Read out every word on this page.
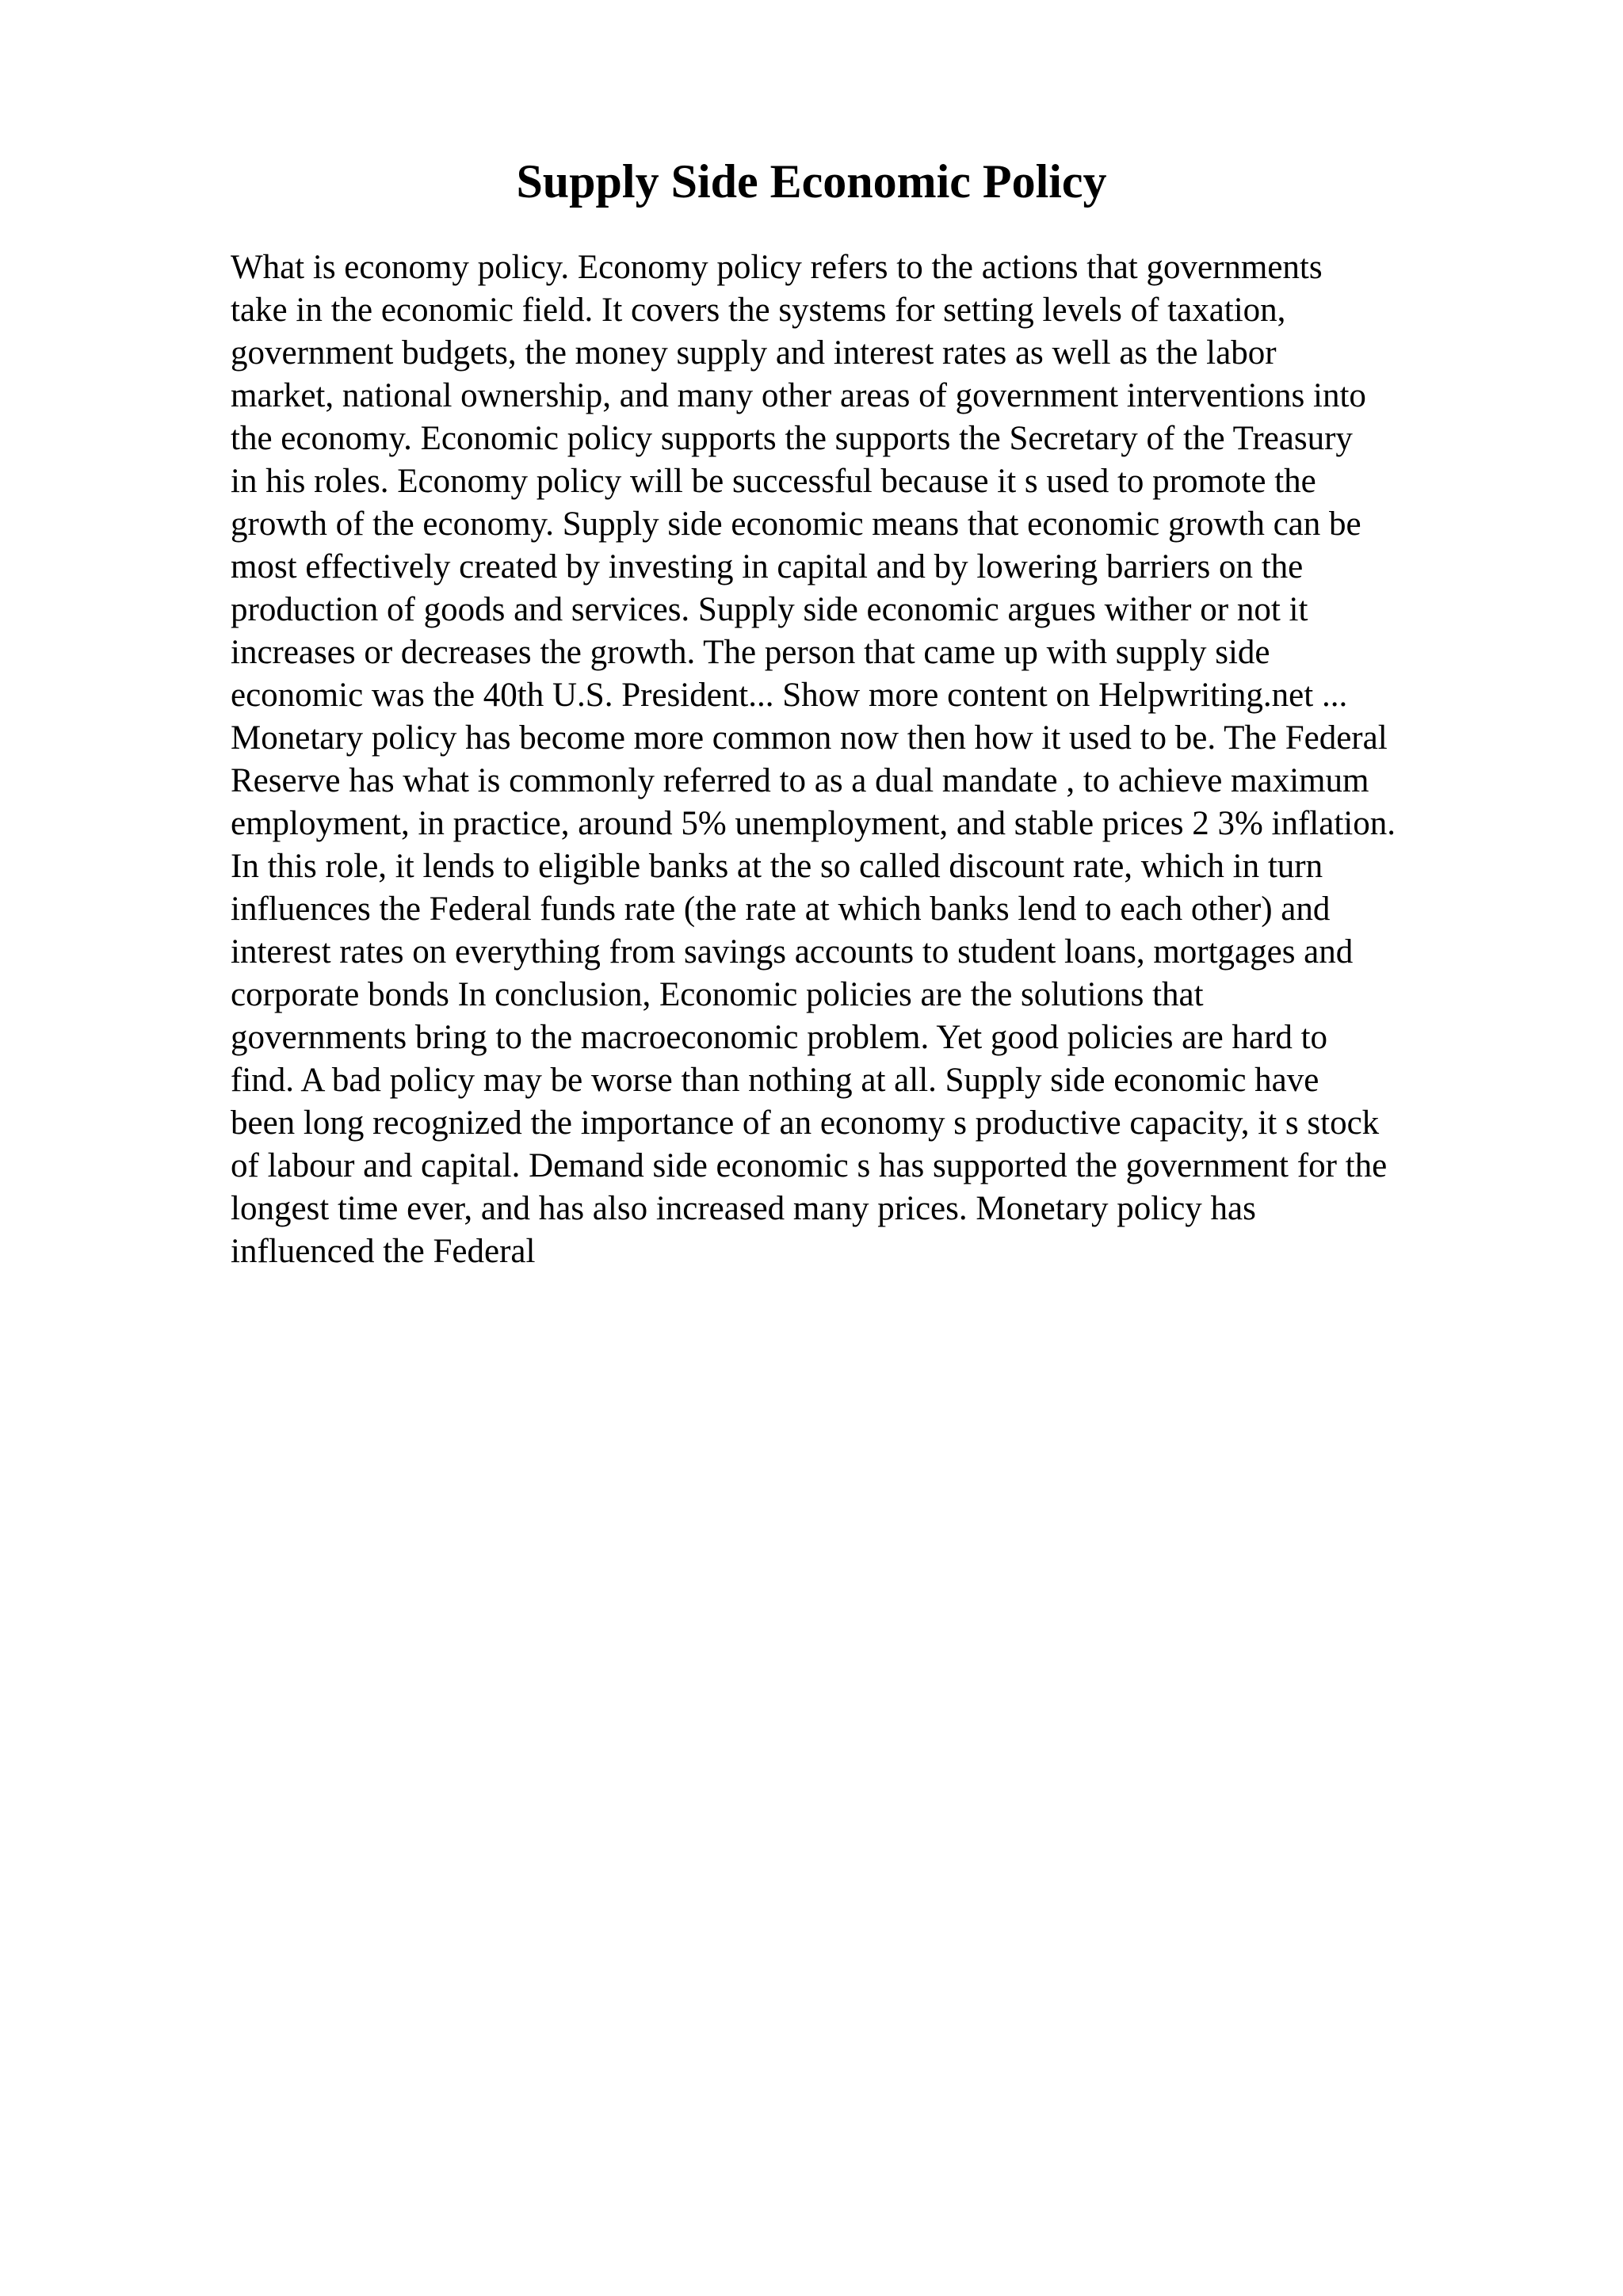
Supply Side Economic Policy
What is economy policy. Economy policy refers to the actions that governments
take in the economic field. It covers the systems for setting levels of taxation,
government budgets, the money supply and interest rates as well as the labor
market, national ownership, and many other areas of government interventions into
the economy. Economic policy supports the supports the Secretary of the Treasury
in his roles. Economy policy will be successful because it s used to promote the
growth of the economy. Supply side economic means that economic growth can be
most effectively created by investing in capital and by lowering barriers on the
production of goods and services. Supply side economic argues wither or not it
increases or decreases the growth. The person that came up with supply side
economic was the 40th U.S. President... Show more content on Helpwriting.net ...
Monetary policy has become more common now then how it used to be. The Federal
Reserve has what is commonly referred to as a dual mandate , to achieve maximum
employment, in practice, around 5% unemployment, and stable prices 2 3% inflation.
In this role, it lends to eligible banks at the so called discount rate, which in turn
influences the Federal funds rate (the rate at which banks lend to each other) and
interest rates on everything from savings accounts to student loans, mortgages and
corporate bonds In conclusion, Economic policies are the solutions that
governments bring to the macroeconomic problem. Yet good policies are hard to
find. A bad policy may be worse than nothing at all. Supply side economic have
been long recognized the importance of an economy s productive capacity, it s stock
of labour and capital. Demand side economic s has supported the government for the
longest time ever, and has also increased many prices. Monetary policy has
influenced the Federal
